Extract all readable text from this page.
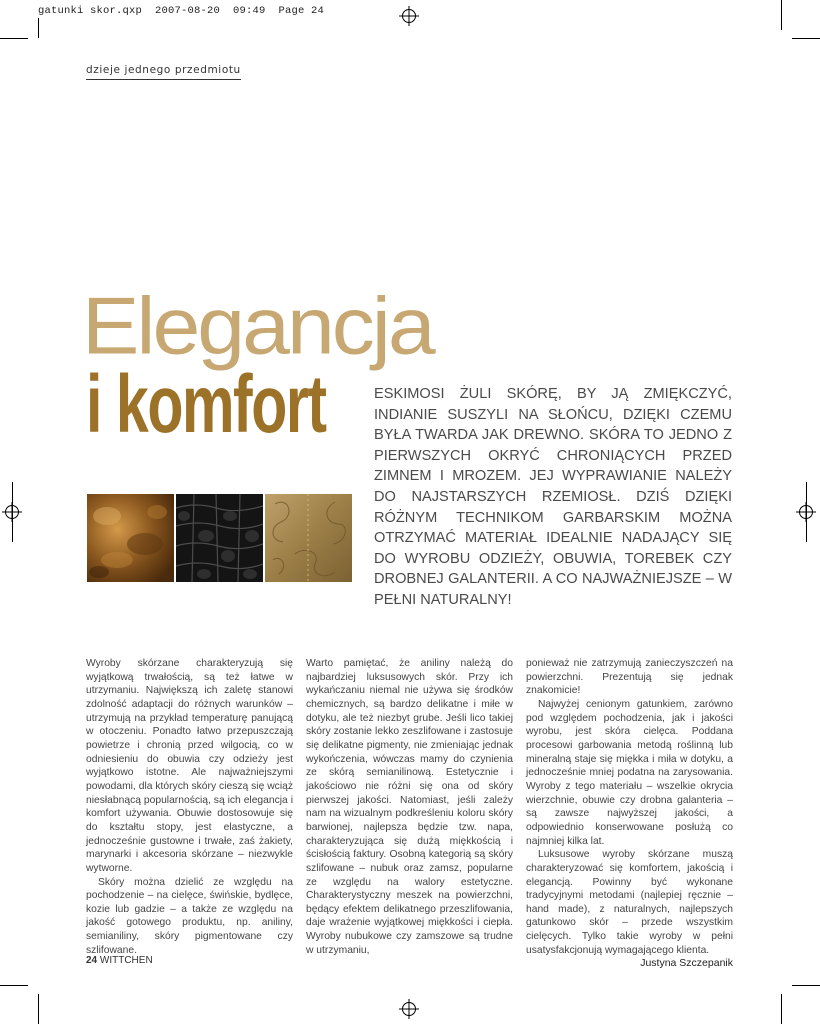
gatunki skor.qxp  2007-08-20  09:49  Page 24
dzieje jednego przedmiotu
Elegancja
i komfort	ESKIMOSI ŻULI SKÓRĘ, BY JĄ ZMIĘKCZYĆ, INDIANIE SUSZYLI NA SŁOŃCU, DZIĘKI CZEMU BYŁA TWARDA JAK DREWNO. SKÓRA TO JEDNO Z PIERWSZYCH OKRYĆ CHRONIĄCYCH PRZED ZIMNEM I MROZEM. JEJ WYPRAWIANIE NALEŻY DO NAJSTARSZYCH RZEMIOSŁ. DZIŚ DZIĘKI RÓŻNYM TECHNIKOM GARBARSKIM MOŻNA OTRZYMAĆ MATERIAŁ IDEALNIE NADAJĄCY SIĘ DO WYROBU ODZIEŻY, OBUWIA, TOREBEK CZY DROBNEJ GALANTERII. A CO NAJWAŻNIEJSZE – W PEŁNI NATURALNY!

Wyroby skórzane charakteryzują się wyjątkową trwałością, są też łatwe w utrzymaniu. Największą ich zaletę stanowi zdolność adaptacji do różnych warunków – utrzymują na przykład temperaturę panującą w otoczeniu. Ponadto łatwo przepuszczają powietrze i chronią przed wilgocią, co w odniesieniu do obuwia czy odzieży jest wyjątkowo istotne. Ale najważniejszymi powodami, dla których skóry cieszą się wciąż niesłabnącą popularnością, są ich elegancja i komfort używania. Obuwie dostosowuje się do kształtu stopy, jest elastyczne, a jednocześnie gustowne i trwałe, zaś żakiety, marynarki i akcesoria skórzane – niezwykle wytworne.

Skóry można dzielić ze względu na pochodzenie – na cielęce, świńskie, bydlęce, kozie lub gadzie – a także ze względu na jakość gotowego produktu, np. aniliny, semianiliny, skóry pigmentowane czy szlifowane.

Warto pamiętać, że aniliny należą do najbardziej luksusowych skór. Przy ich wykańczaniu niemal nie używa się środków chemicznych, są bardzo delikatne i miłe w dotyku, ale też niezbyt grube. Jeśli lico takiej skóry zostanie lekko zeszlifowane i zastosuje się delikatne pigmenty, nie zmieniając jednak wykończenia, wówczas mamy do czynienia ze skórą semianilinową. Estetycznie i jakościowo nie różni się ona od skóry pierwszej jakości. Natomiast, jeśli zależy nam na wizualnym podkreśleniu koloru skóry barwionej, najlepsza będzie tzw. napa, charakteryzująca się dużą miękkością i ścisłością faktury. Osobną kategorią są skóry szlifowane – nubuk oraz zamsz, popularne ze względu na walory estetyczne. Charakterystyczny meszek na powierzchni, będący efektem delikatnego przeszlifowania, daje wrażenie wyjątkowej miękkości i ciepła. Wyroby nubukowe czy zamszowe są trudne w utrzymaniu,

ponieważ nie zatrzymują zanieczyszczeń na powierzchni. Prezentują się jednak znakomicie!

Najwyżej cenionym gatunkiem, zarówno pod względem pochodzenia, jak i jakości wyrobu, jest skóra cielęca. Poddana procesowi garbowania metodą roślinną lub mineralną staje się miękka i miła w dotyku, a jednocześnie mniej podatna na zarysowania. Wyroby z tego materiału – wszelkie okrycia wierzchnie, obuwie czy drobna galanteria – są zawsze najwyższej jakości, a odpowiednio konserwowane posłużą co najmniej kilka lat.

Luksusowe wyroby skórzane muszą charakteryzować się komfortem, jakością i elegancją. Powinny być wykonane tradycyjnymi metodami (najlepiej ręcznie – hand made), z naturalnych, najlepszych gatunkowo skór – przede wszystkim cielęcych. Tylko takie wyroby w pełni usatysfakcjonują wymagającego klienta.

Justyna Szczepanik

24 WITTCHEN
